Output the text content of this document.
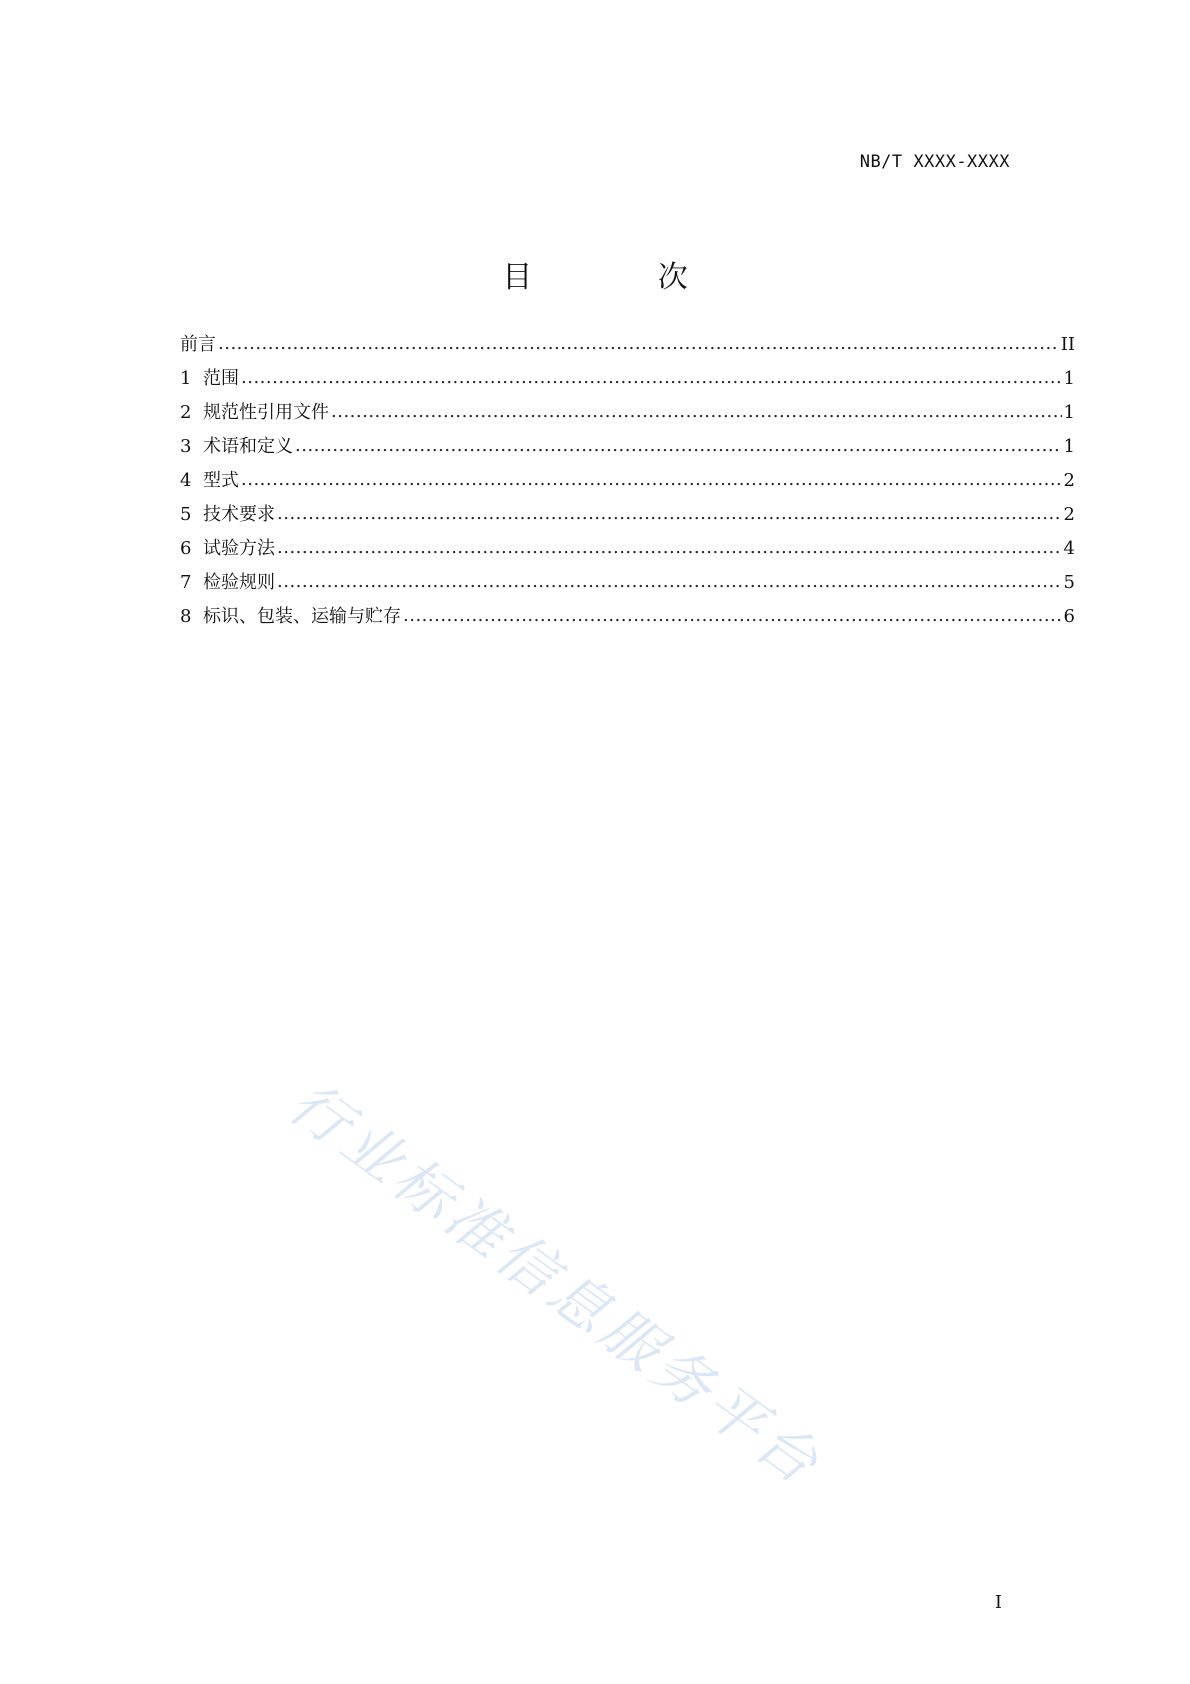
NB/T XXXX-XXXX
目 次
前言 .....	II
1 范围 .....	1
2 规范性引用文件 .....	1
3 术语和定义 .....	1
4 型式 .....	2
5 技术要求 .....	2
6 试验方法 .....	4
7 检验规则 .....	5
8 标识、包装、运输与贮存 .....	6
行业标准信息服务平台
I
